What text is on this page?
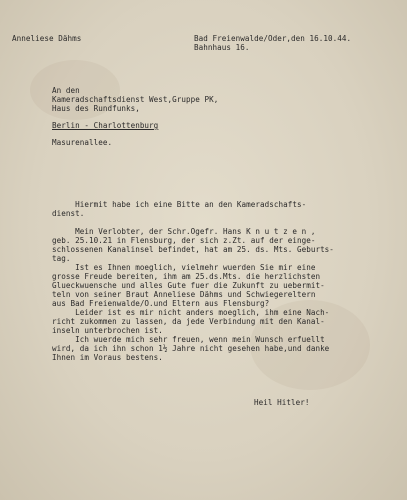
Anneliese Dähms	Bad Freienwalde/Oder,den 16.10.44.
Bahnhaus 16.
An den
Kameradschaftsdienst West,Gruppe PK,
Haus des Rundfunks,
Berlin - Charlottenburg
Masurenallee.
Hiermit habe ich eine Bitte an den Kameradschafts-
dienst.
Mein Verlobter, der Schr.Ogefr. Hans K n u t z e n ,
geb. 25.10.21 in Flensburg, der sich z.Zt. auf der einge-
schlossenen Kanalinsel befindet, hat am 25. ds. Mts. Geburts-
tag.
Ist es Ihnen moeglich, vielmehr wuerden Sie mir eine
grosse Freude bereiten, ihm am 25.ds.Mts. die herzlichsten
Glueckwuensche und alles Gute fuer die Zukunft zu uebermit-
teln von seiner Braut Anneliese Dähms und Schwiegereltern
aus Bad Freienwalde/O.und Eltern aus Flensburg?
Leider ist es mir nicht anders moeglich, ihm eine Nach-
richt zukommen zu lassen, da jede Verbindung mit den Kanal-
inseln unterbrochen ist.
Ich wuerde mich sehr freuen, wenn mein Wunsch erfuellt
wird, da ich ihn schon 1½ Jahre nicht gesehen habe,und danke
Ihnen im Voraus bestens.
Heil Hitler!
